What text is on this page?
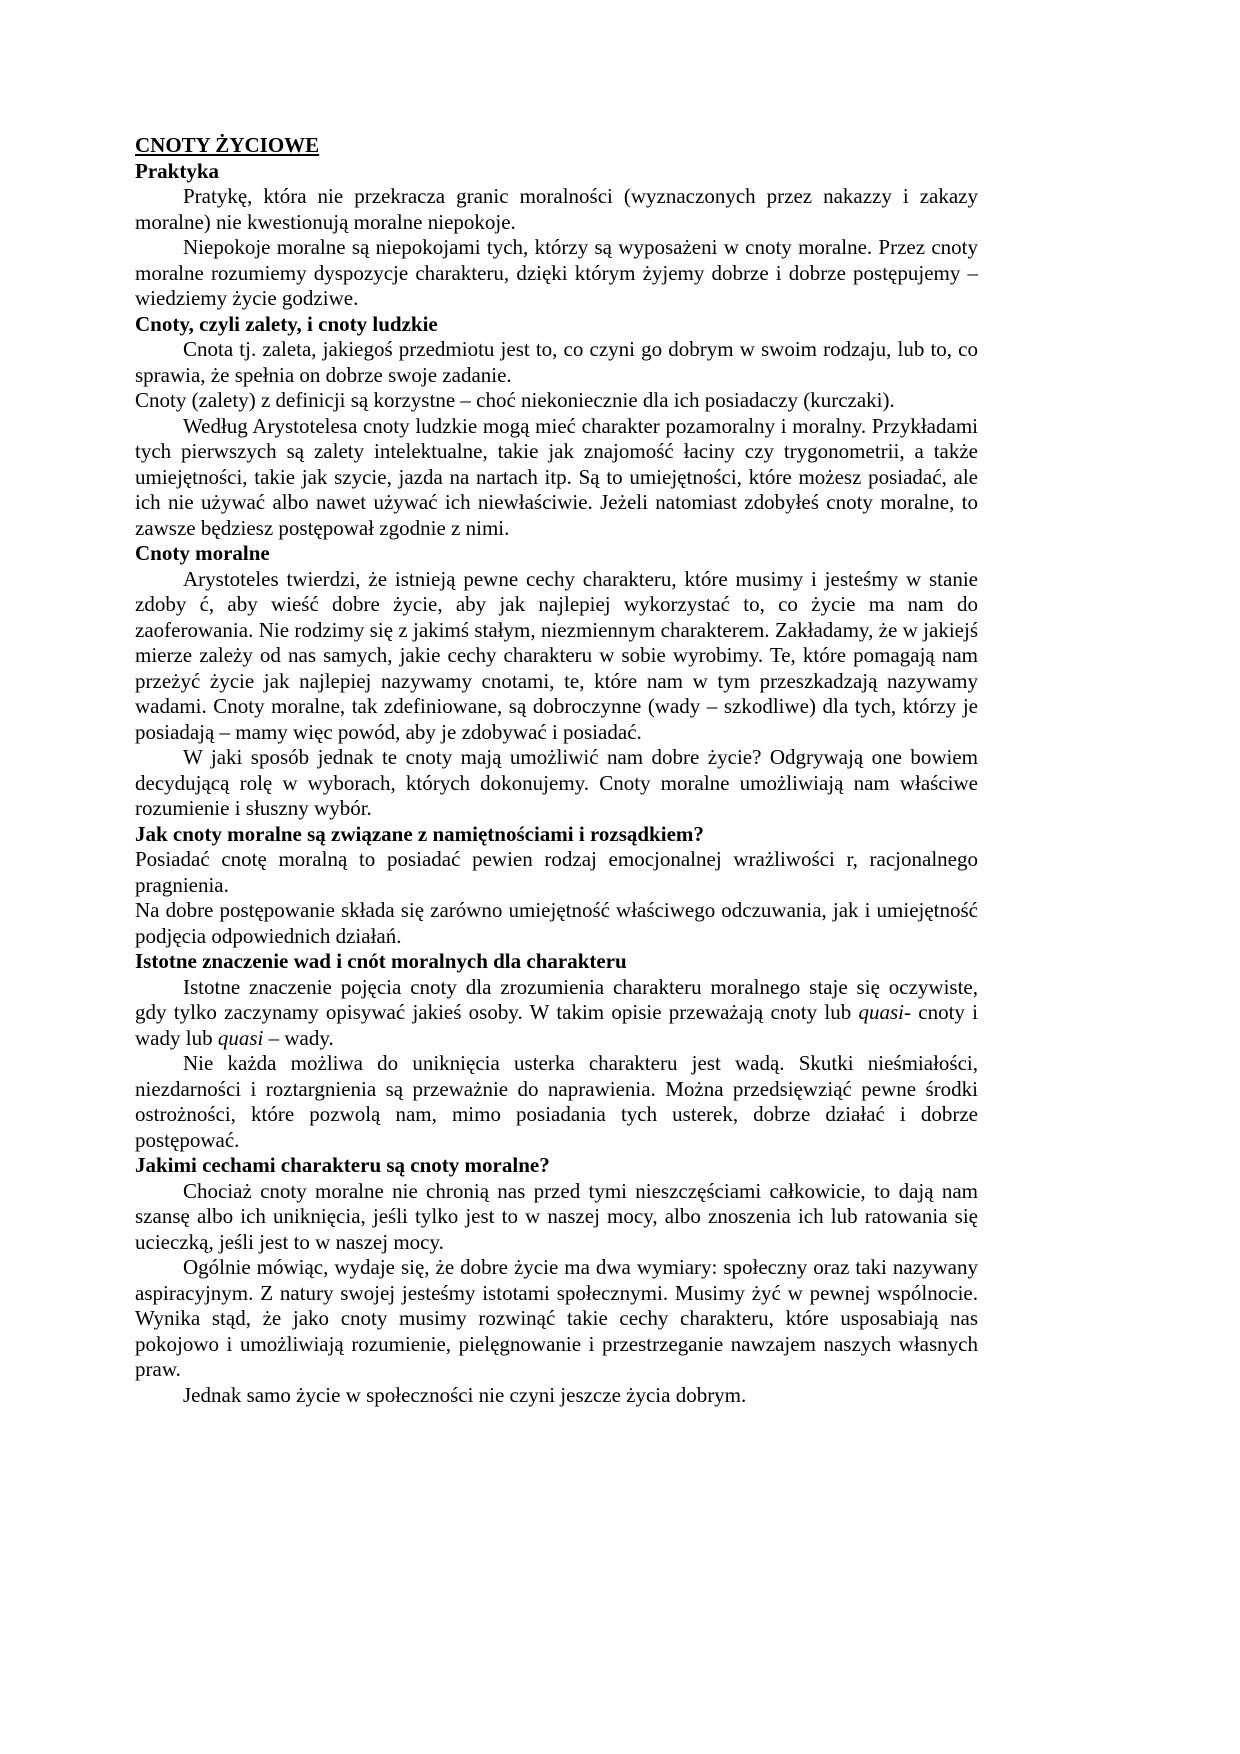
CNOTY ŻYCIOWE
Praktyka
Pratykę, która nie przekracza granic moralności (wyznaczonych przez nakazzy i zakazy moralne) nie kwestionują moralne niepokoje.
Niepokoje moralne są niepokojami tych, którzy są wyposażeni w cnoty moralne. Przez cnoty moralne rozumiemy dyspozycje charakteru, dzięki którym żyjemy dobrze i dobrze postępujemy – wiedziemy życie godziwe.
Cnoty, czyli zalety, i cnoty ludzkie
Cnota tj. zaleta, jakiegoś przedmiotu jest to, co czyni go dobrym w swoim rodzaju, lub to, co sprawia, że spełnia on dobrze swoje zadanie.
Cnoty (zalety) z definicji są korzystne – choć niekoniecznie dla ich posiadaczy (kurczaki).
Według Arystotelesa cnoty ludzkie mogą mieć charakter pozamoralny i moralny. Przykładami tych pierwszych są zalety intelektualne, takie jak znajomość łaciny czy trygonometrii, a także umiejętności, takie jak szycie, jazda na nartach itp. Są to umiejętności, które możesz posiadać, ale ich nie używać albo nawet używać ich niewłaściwie. Jeżeli natomiast zdobyłeś cnoty moralne, to zawsze będziesz postępował zgodnie z nimi.
Cnoty moralne
Arystoteles twierdzi, że istnieją pewne cechy charakteru, które musimy i jesteśmy w stanie zdoby ć, aby wieść dobre życie, aby jak najlepiej wykorzystać to, co życie ma nam do zaoferowania. Nie rodzimy się z jakimś stałym, niezmiennym charakterem. Zakładamy, że w jakiejś mierze zależy od nas samych, jakie cechy charakteru w sobie wyrobimy. Te, które pomagają nam przeżyć życie jak najlepiej nazywamy cnotami, te, które nam w tym przeszkadzają nazywamy wadami. Cnoty moralne, tak zdefiniowane, są dobroczynne (wady – szkodliwe) dla tych, którzy je posiadają – mamy więc powód, aby je zdobywać i posiadać.
W jaki sposób jednak te cnoty mają umożliwić nam dobre życie? Odgrywają one bowiem decydującą rolę w wyborach, których dokonujemy. Cnoty moralne umożliwiają nam właściwe rozumienie i słuszny wybór.
Jak cnoty moralne są związane z namiętnościami i rozsądkiem?
Posiadać cnotę moralną to posiadać pewien rodzaj emocjonalnej wrażliwości r, racjonalnego pragnienia.
Na dobre postępowanie składa się zarówno umiejętność właściwego odczuwania, jak i umiejętność podjęcia odpowiednich działań.
Istotne znaczenie wad i cnót moralnych dla charakteru
Istotne znaczenie pojęcia cnoty dla zrozumienia charakteru moralnego staje się oczywiste, gdy tylko zaczynamy opisywać jakieś osoby. W takim opisie przeważają cnoty lub quasi- cnoty i wady lub quasi – wady.
Nie każda możliwa do uniknięcia usterka charakteru jest wadą. Skutki nieśmiałości, niezdarności i roztargnienia są przeważnie do naprawienia. Można przedsięwziąć pewne środki ostrożności, które pozwolą nam, mimo posiadania tych usterek, dobrze działać i dobrze postępować.
Jakimi cechami charakteru są cnoty moralne?
Chociaż cnoty moralne nie chronią nas przed tymi nieszczęściami całkowicie, to dają nam szansę albo ich uniknięcia, jeśli tylko jest to w naszej mocy, albo znoszenia ich lub ratowania się ucieczką, jeśli jest to w naszej mocy.
Ogólnie mówiąc, wydaje się, że dobre życie ma dwa wymiary: społeczny oraz taki nazywany aspiracyjnym. Z natury swojej jesteśmy istotami społecznymi. Musimy żyć w pewnej wspólnocie. Wynika stąd, że jako cnoty musimy rozwinąć takie cechy charakteru, które usposabiają nas pokojowo i umożliwiają rozumienie, pielęgnowanie i przestrzeganie nawzajem naszych własnych praw.
Jednak samo życie w społeczności nie czyni jeszcze życia dobrym.
